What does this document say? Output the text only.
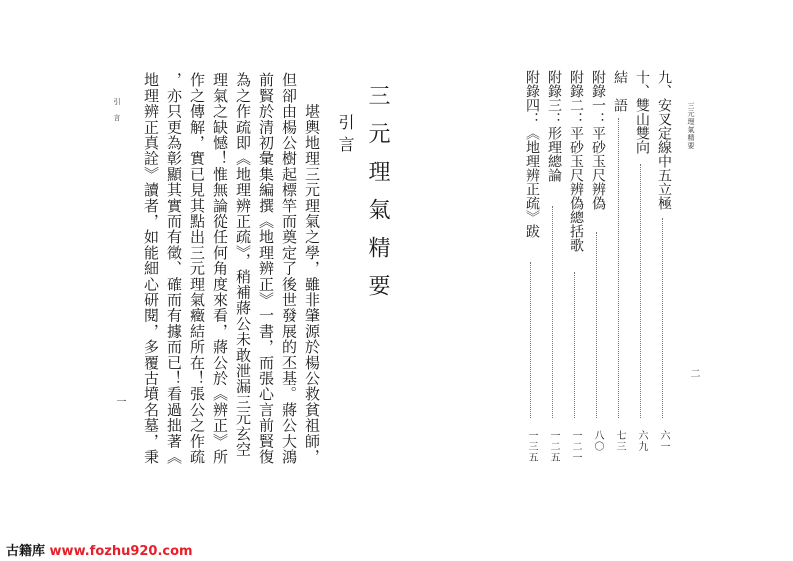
三元理氣精要
二
九、安叉定線中五立極
六一
十、雙山雙向
六九
結　語
七三
附錄一：平砂玉尺辨偽
八〇
附錄二：平砂玉尺辨偽總括歌
一二一
附錄三：形理總論
一二五
附錄四：《地理辨正疏》跋
一三五
三元理氣精要
引言
　　堪輿地理三元理氣之學，雖非肇源於楊公救貧祖師，
但卻由楊公樹起標竿而奠定了後世發展的丕基。蔣公大鴻
前賢於清初彙集編撰《地理辨正》一書，而張心言前賢復
為之作疏即《地理辨正疏》，稍補蔣公未敢泄漏三元玄空
理氣之缺憾！惟無論從任何角度來看，蔣公於《辨正》所
作之傳解，實已見其點出三元理氣癥結所在！張公之作疏
，亦只更為彰顯其實而有徵、確而有據而已！看過拙著《
地理辨正真詮》讀者，如能細心研閱，多覆古墳名墓，秉
引　言
一
古籍库 www.fozhu920.com
